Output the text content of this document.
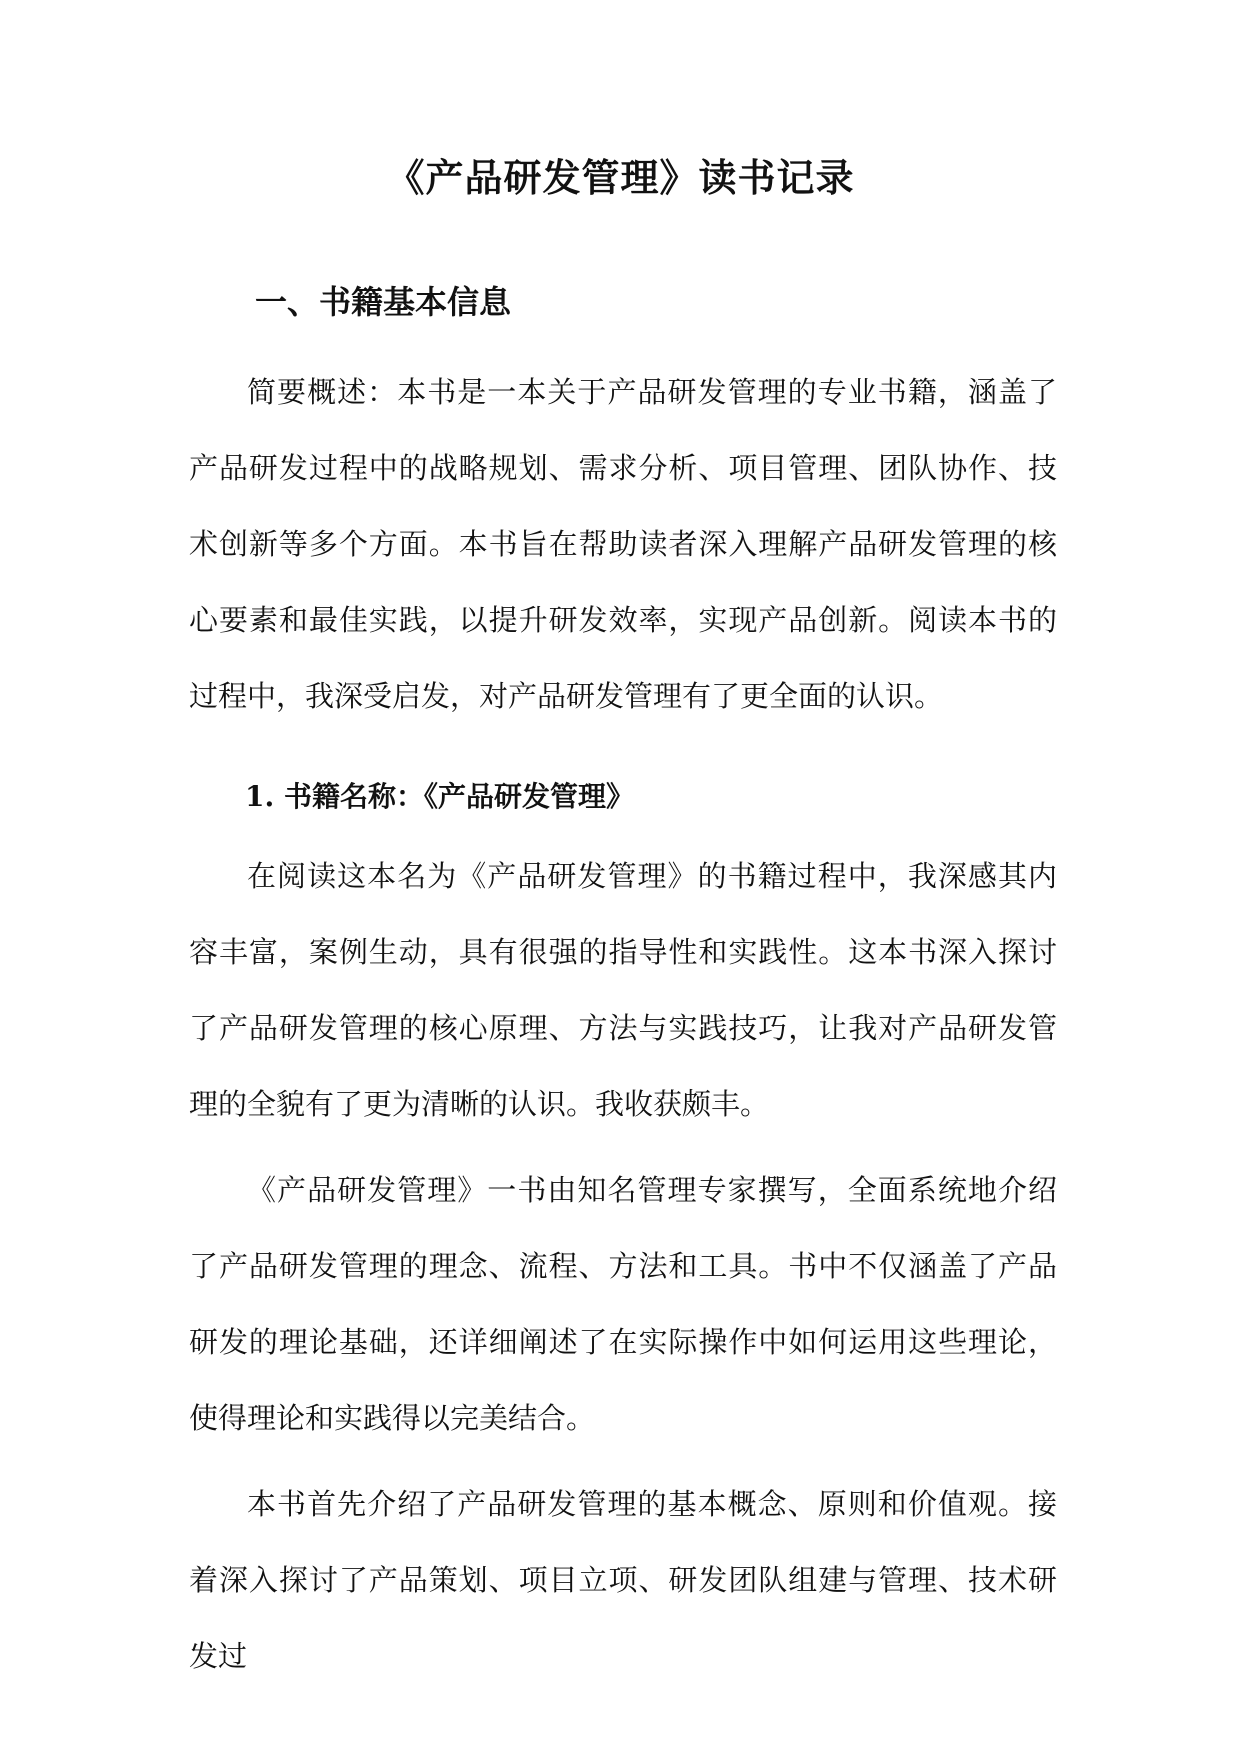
《产品研发管理》读书记录
一、书籍基本信息

简要概述：本书是一本关于产品研发管理的专业书籍，涵盖了产品研发过程中的战略规划、需求分析、项目管理、团队协作、技术创新等多个方面。本书旨在帮助读者深入理解产品研发管理的核心要素和最佳实践，以提升研发效率，实现产品创新。阅读本书的过程中，我深受启发，对产品研发管理有了更全面的认识。

1. 书籍名称：《产品研发管理》

在阅读这本名为《产品研发管理》的书籍过程中，我深感其内容丰富，案例生动，具有很强的指导性和实践性。这本书深入探讨了产品研发管理的核心原理、方法与实践技巧，让我对产品研发管理的全貌有了更为清晰的认识。我收获颇丰。

《产品研发管理》一书由知名管理专家撰写，全面系统地介绍了产品研发管理的理念、流程、方法和工具。书中不仅涵盖了产品研发的理论基础，还详细阐述了在实际操作中如何运用这些理论，使得理论和实践得以完美结合。

本书首先介绍了产品研发管理的基本概念、原则和价值观。接着深入探讨了产品策划、项目立项、研发团队组建与管理、技术研发过
